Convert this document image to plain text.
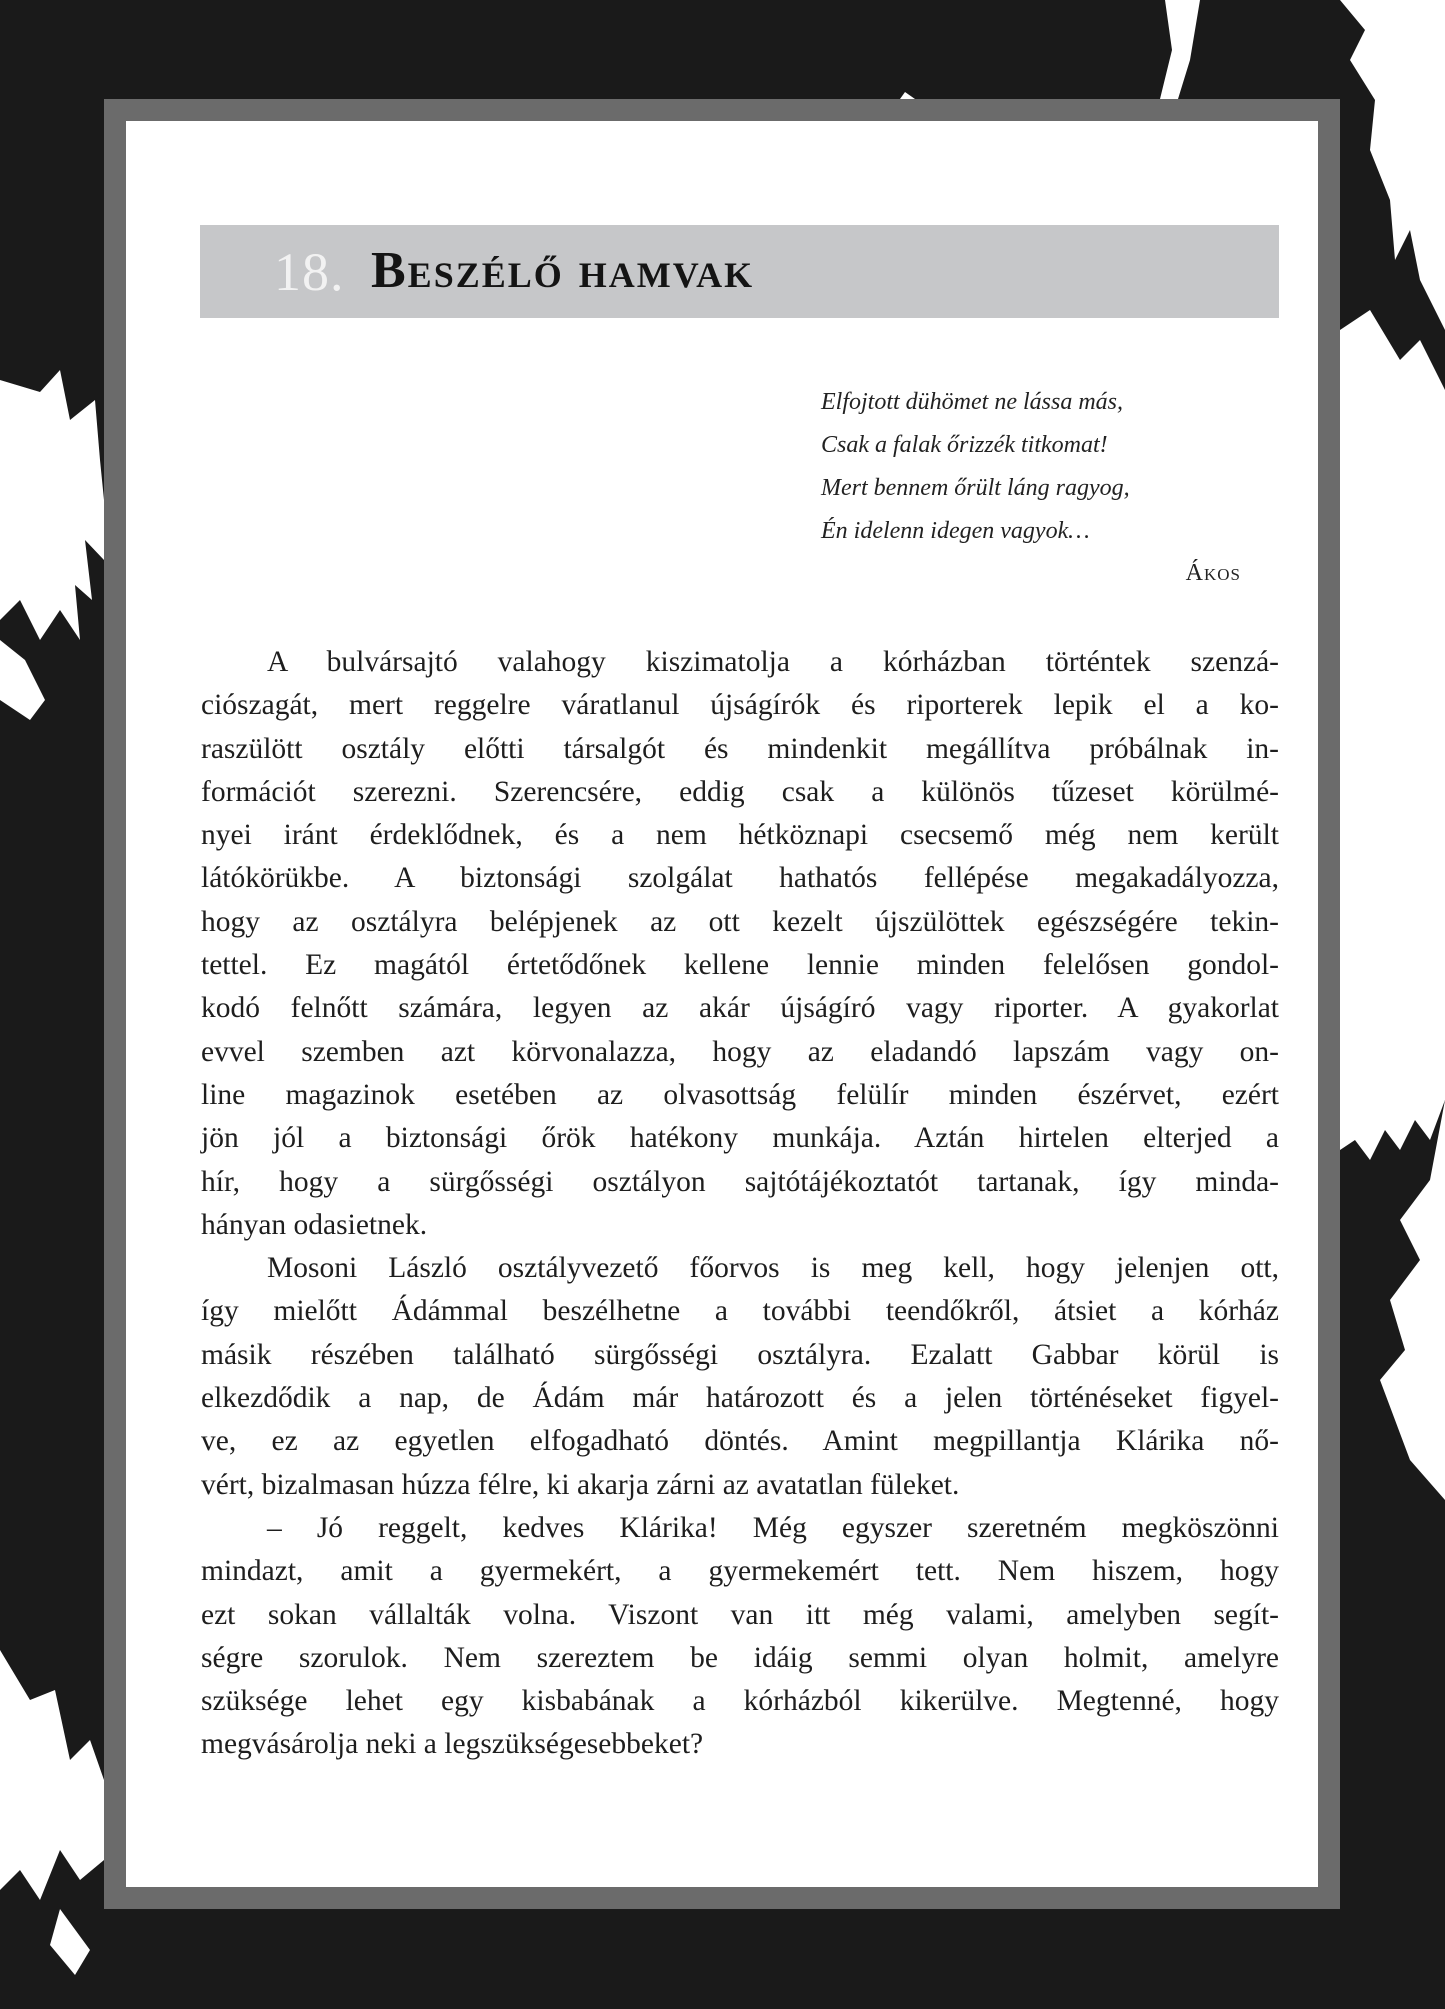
18. Beszélő hamvak
Elfojtott dühömet ne lássa más,
Csak a falak őrizzék titkomat!
Mert bennem őrült láng ragyog,
Én idelenn idegen vagyok…
Ákos
A bulvársajtó valahogy kiszimatolja a kórházban történtek szenzá-
ciószagát, mert reggelre váratlanul újságírók és riporterek lepik el a ko-
raszülött osztály előtti társalgót és mindenkit megállítva próbálnak in-
formációt szerezni. Szerencsére, eddig csak a különös tűzeset körülmé-
nyei iránt érdeklődnek, és a nem hétköznapi csecsemő még nem került
látókörükbe. A biztonsági szolgálat hathatós fellépése megakadályozza,
hogy az osztályra belépjenek az ott kezelt újszülöttek egészségére tekin-
tettel. Ez magától értetődőnek kellene lennie minden felelősen gondol-
kodó felnőtt számára, legyen az akár újságíró vagy riporter. A gyakorlat
evvel szemben azt körvonalazza, hogy az eladandó lapszám vagy on-
line magazinok esetében az olvasottság felülír minden észérvet, ezért
jön jól a biztonsági őrök hatékony munkája. Aztán hirtelen elterjed a
hír, hogy a sürgősségi osztályon sajtótájékoztatót tartanak, így minda-
hányan odasietnek.
Mosoni László osztályvezető főorvos is meg kell, hogy jelenjen ott,
így mielőtt Ádámmal beszélhetne a további teendőkről, átsiet a kórház
másik részében található sürgősségi osztályra. Ezalatt Gabbar körül is
elkezdődik a nap, de Ádám már határozott és a jelen történéseket figyel-
ve, ez az egyetlen elfogadható döntés. Amint megpillantja Klárika nő-
vért, bizalmasan húzza félre, ki akarja zárni az avatatlan füleket.
– Jó reggelt, kedves Klárika! Még egyszer szeretném megköszönni
mindazt, amit a gyermekért, a gyermekemért tett. Nem hiszem, hogy
ezt sokan vállalták volna. Viszont van itt még valami, amelyben segít-
ségre szorulok. Nem szereztem be idáig semmi olyan holmit, amelyre
szüksége lehet egy kisbabának a kórházból kikerülve. Megtenné, hogy
megvásárolja neki a legszükségesebbeket?
